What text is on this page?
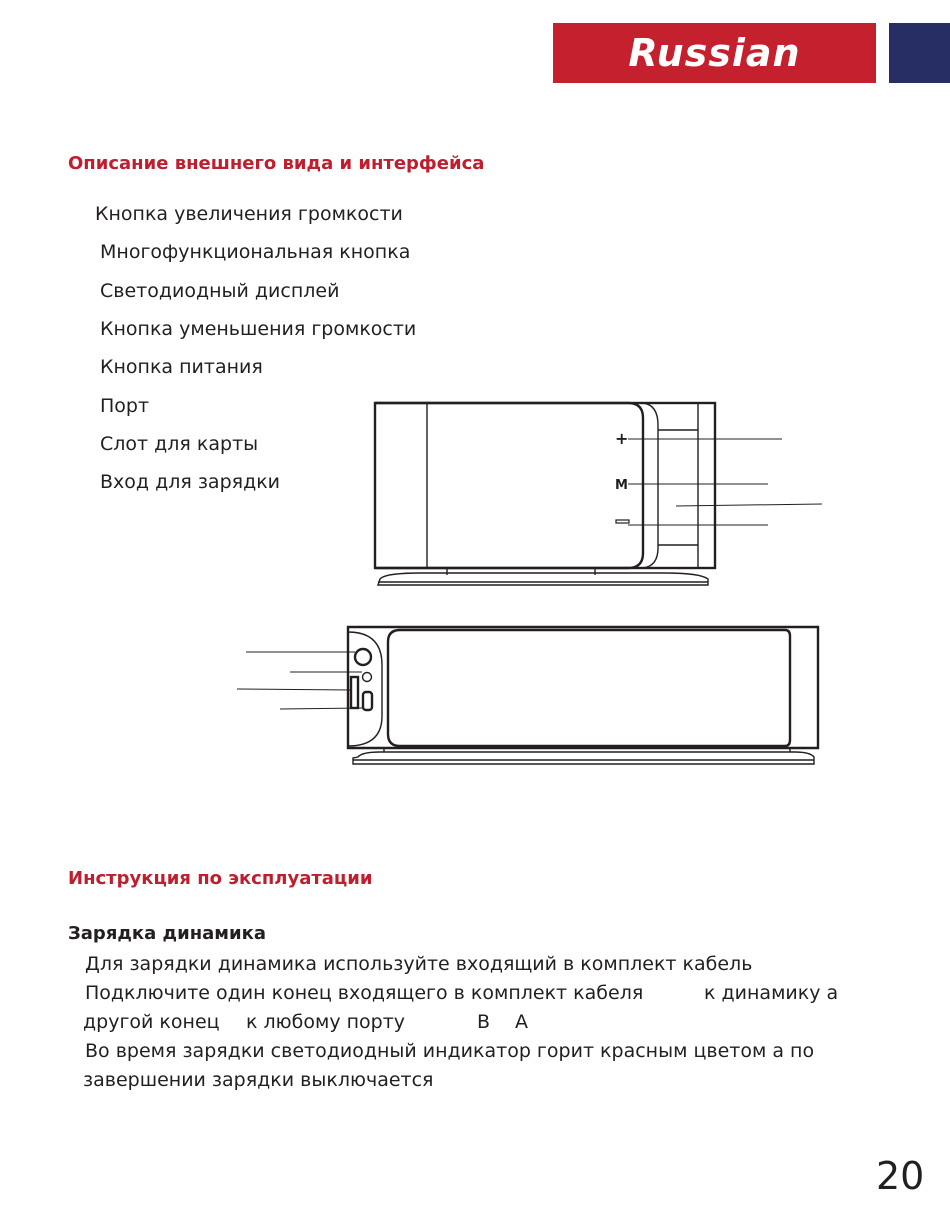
Russian
Описание внешнего вида и интерфейса
Кнопка увеличения громкости
Многофункциональная кнопка
Светодиодный дисплей
Кнопка уменьшения громкости
Кнопка питания
Порт
Слот для карты
Вход для зарядки
+
M
Инструкция по эксплуатации
Зарядка динамика

Для зарядки динамика используйте входящий в комплект кабель

Подключите один конец входящего в комплект кабеля	к динамику а

другой конец к любому порту	В А

Во время зарядки светодиодный индикатор горит красным цветом а по

завершении зарядки выключается

20
